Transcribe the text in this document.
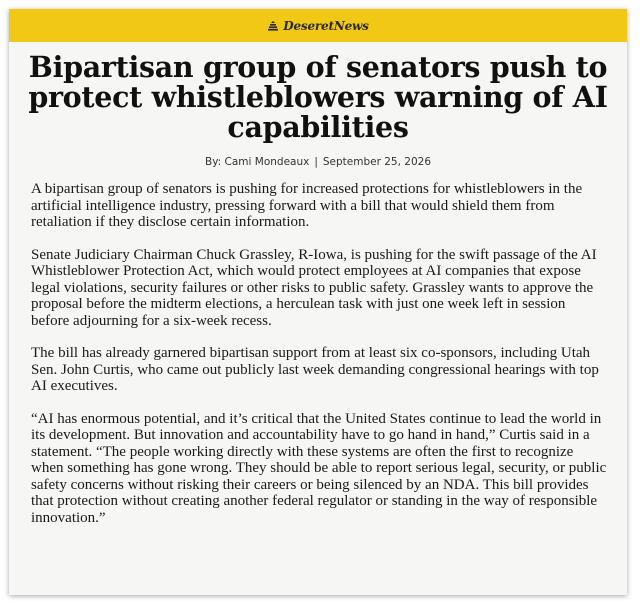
DeseretNews
Bipartisan group of senators push to protect whistleblowers warning of AI capabilities
By: Cami Mondeaux | September 25, 2026

A bipartisan group of senators is pushing for increased protections for whistleblowers in the artificial intelligence industry, pressing forward with a bill that would shield them from retaliation if they disclose certain information.

Senate Judiciary Chairman Chuck Grassley, R-Iowa, is pushing for the swift passage of the AI Whistleblower Protection Act, which would protect employees at AI companies that expose legal violations, security failures or other risks to public safety. Grassley wants to approve the proposal before the midterm elections, a herculean task with just one week left in session before adjourning for a six-week recess.

The bill has already garnered bipartisan support from at least six co-sponsors, including Utah Sen. John Curtis, who came out publicly last week demanding congressional hearings with top AI executives.

“AI has enormous potential, and it’s critical that the United States continue to lead the world in its development. But innovation and accountability have to go hand in hand,” Curtis said in a statement. “The people working directly with these systems are often the first to recognize when something has gone wrong. They should be able to report serious legal, security, or public safety concerns without risking their careers or being silenced by an NDA. This bill provides that protection without creating another federal regulator or standing in the way of responsible innovation.”
